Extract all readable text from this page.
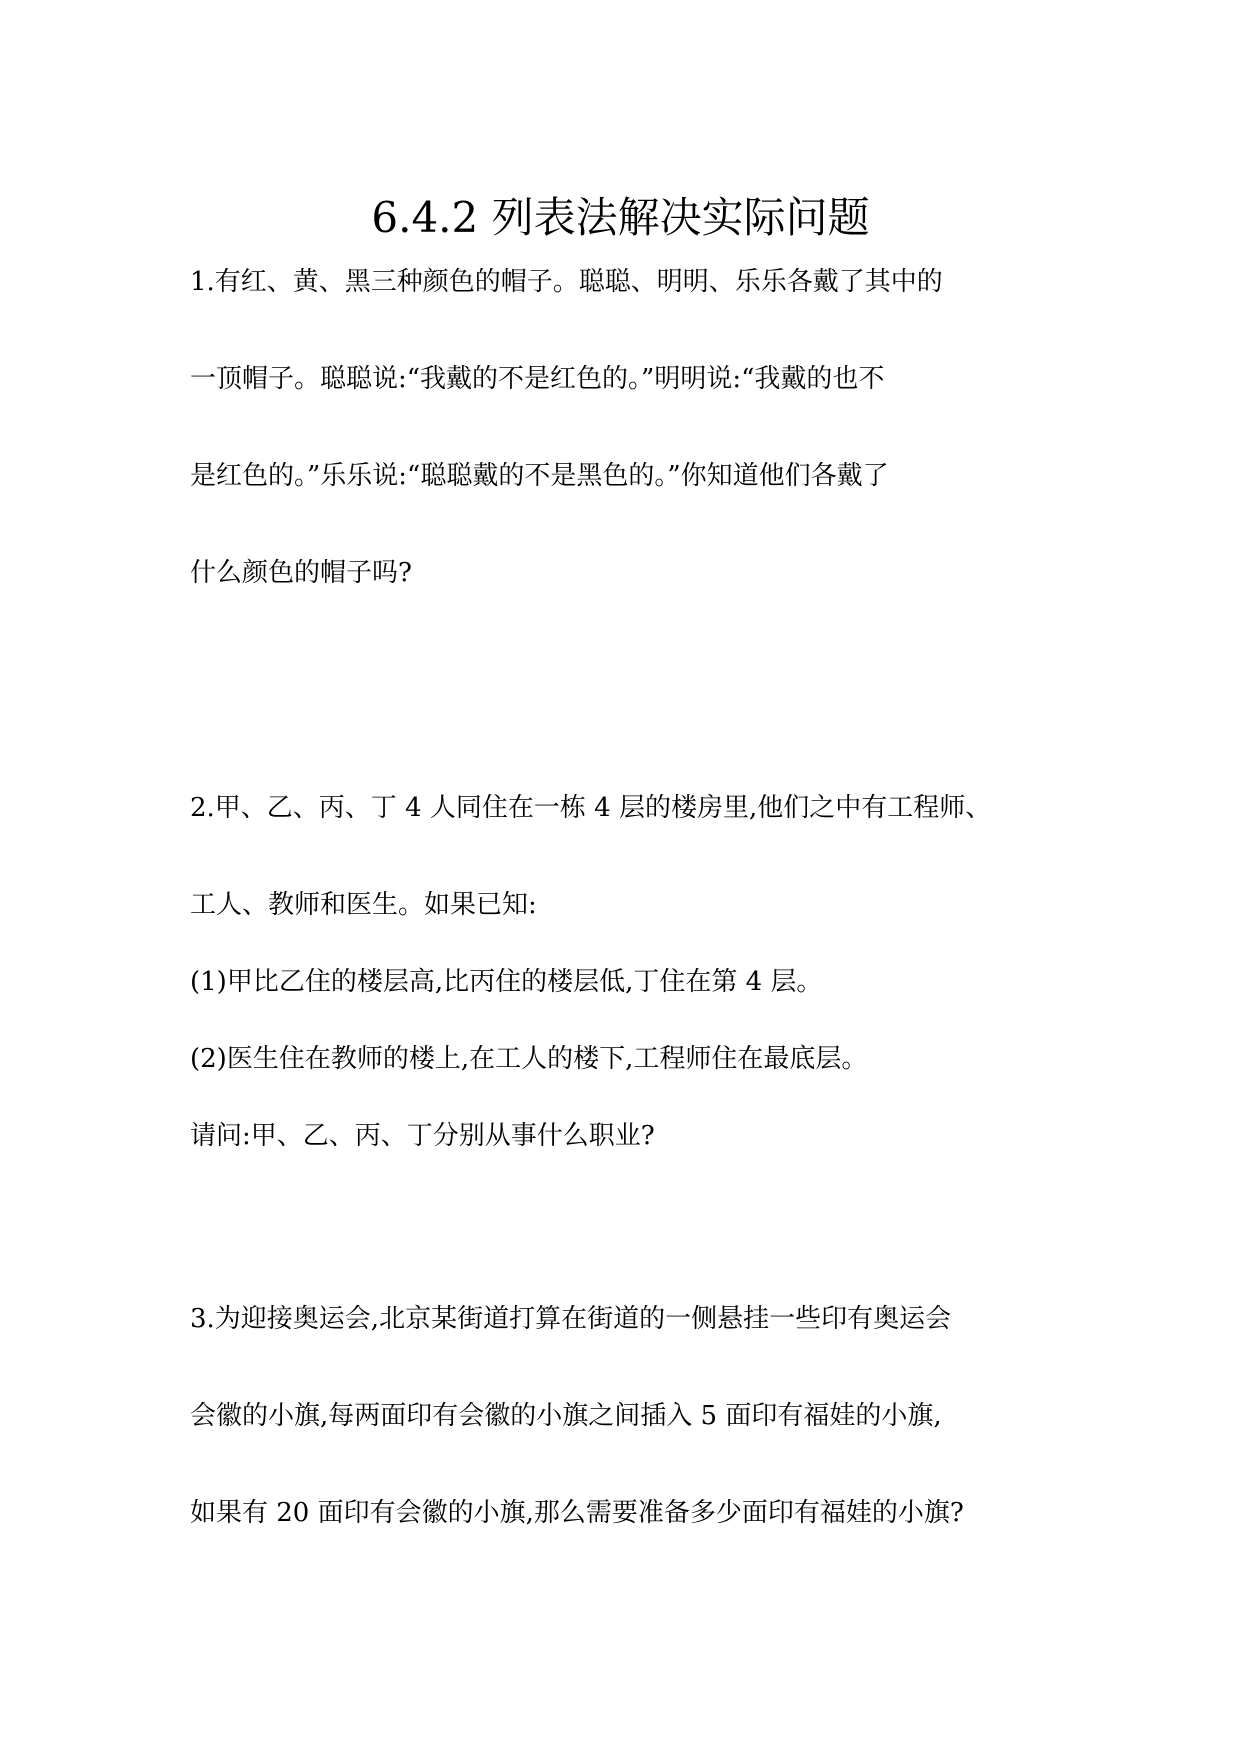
6.4.2 列表法解决实际问题
1.有红、黄、黑三种颜色的帽子。聪聪、明明、乐乐各戴了其中的
一顶帽子。聪聪说:“我戴的不是红色的。”明明说:“我戴的也不
是红色的。”乐乐说:“聪聪戴的不是黑色的。”你知道他们各戴了
什么颜色的帽子吗?
2.甲、乙、丙、丁 4 人同住在一栋 4 层的楼房里,他们之中有工程师、
工人、教师和医生。如果已知:
(1)甲比乙住的楼层高,比丙住的楼层低,丁住在第 4 层。
(2)医生住在教师的楼上,在工人的楼下,工程师住在最底层。
请问:甲、乙、丙、丁分别从事什么职业?
3.为迎接奥运会,北京某街道打算在街道的一侧悬挂一些印有奥运会
会徽的小旗,每两面印有会徽的小旗之间插入 5 面印有福娃的小旗,
如果有 20 面印有会徽的小旗,那么需要准备多少面印有福娃的小旗?
